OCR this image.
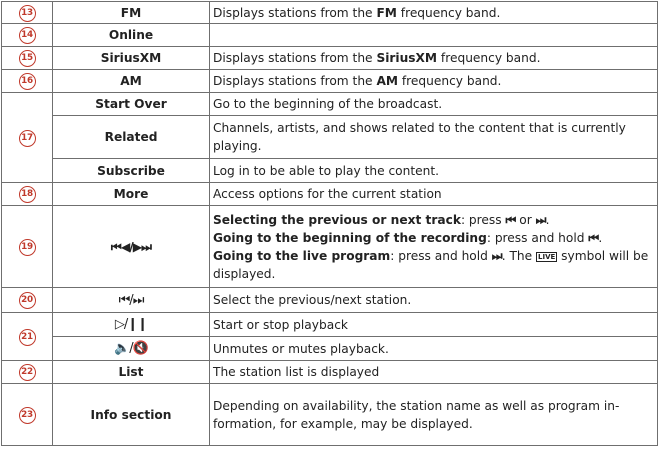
13	FM	Displays stations from the FM frequency band.
14	Online	
15	SiriusXM	Displays stations from the SiriusXM frequency band.
16	AM	Displays stations from the AM frequency band.
17	Start Over	Go to the beginning of the broadcast.
	Related	Channels, artists, and shows related to the content that is currently playing.
	Subscribe	Log in to be able to play the content.
18	More	Access options for the current station
19	⏮◀/▶⏭	Selecting the previous or next track: press ⏮ or ⏭.
Going to the beginning of the recording: press and hold ⏮.
Going to the live program: press and hold ⏭. The LIVE symbol will be displayed.

20	⏮/⏭	Select the previous/next station.
21	▷/❙❙	Start or stop playback
	🔈/🔇	Unmutes or mutes playback.
22	List	The station list is displayed
23	Info section	Depending on availability, the station name as well as program in-formation, for example, may be displayed.
